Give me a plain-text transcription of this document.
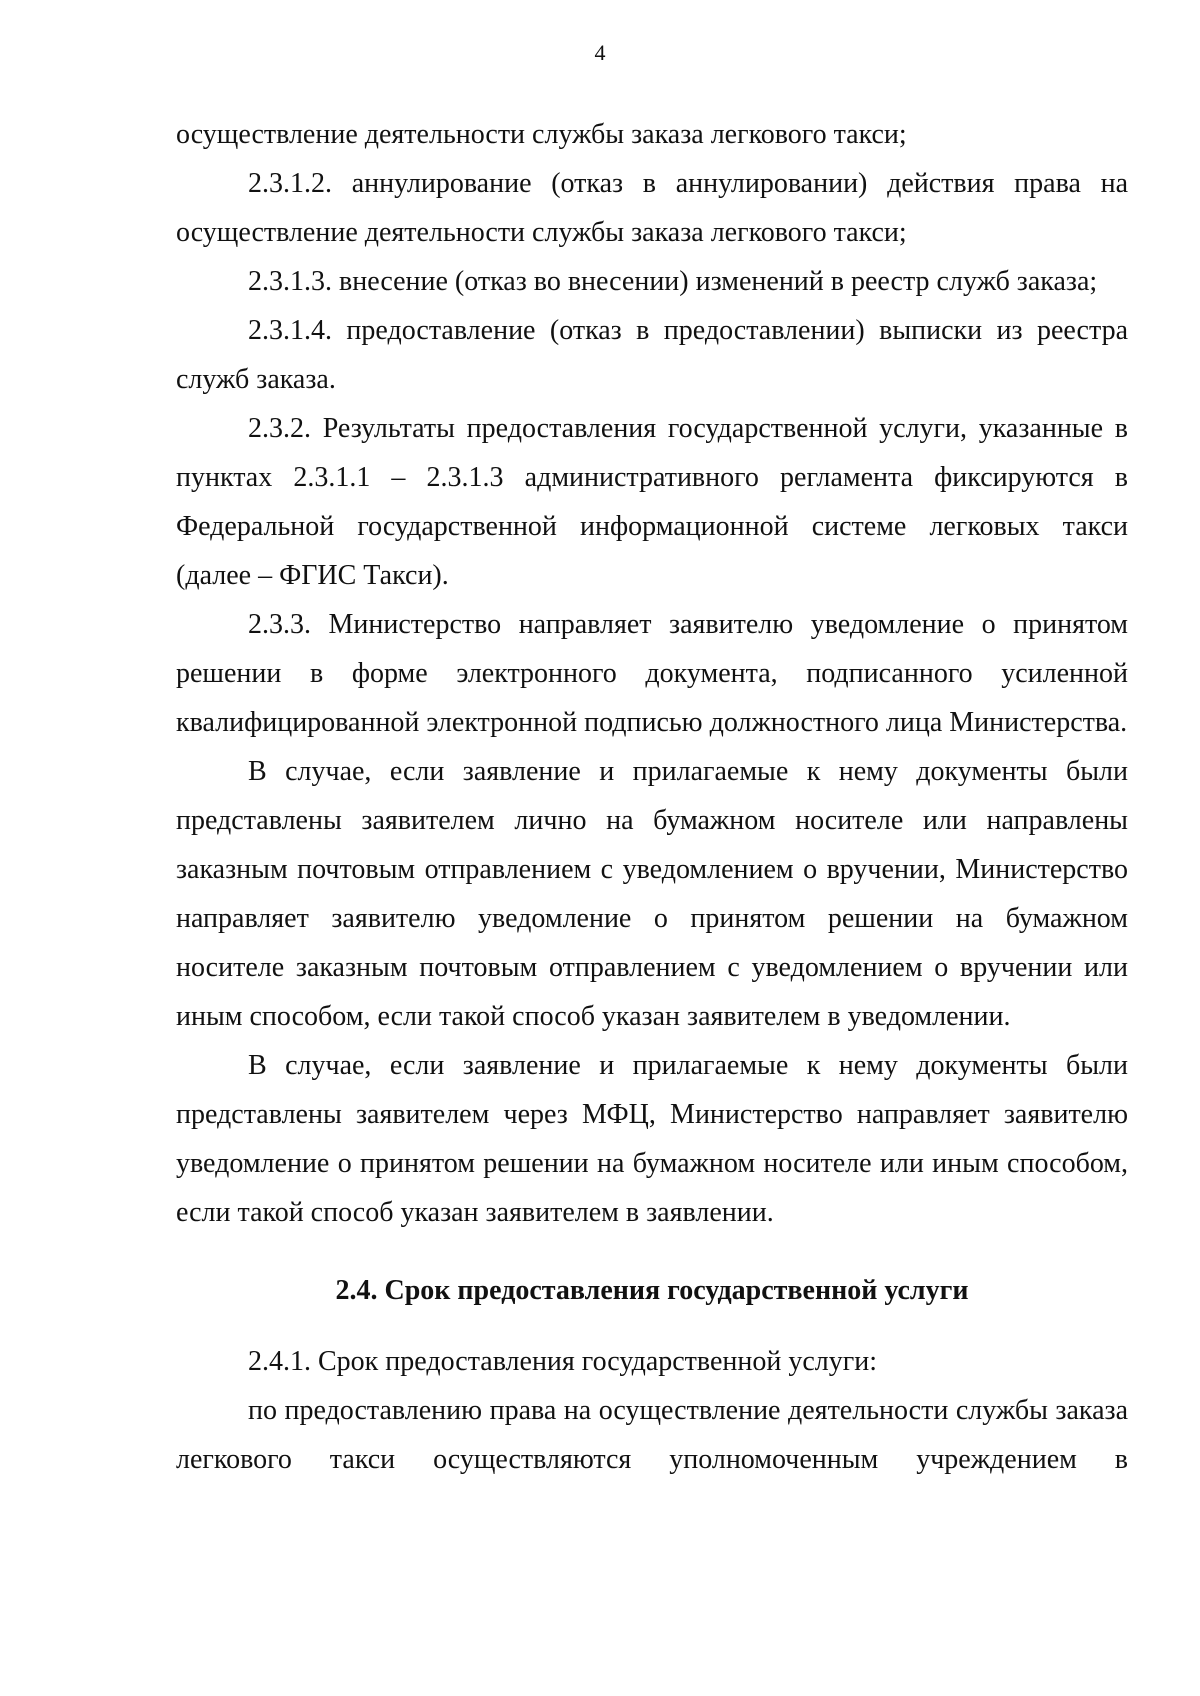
4

осуществление деятельности службы заказа легкового такси;

2.3.1.2. аннулирование (отказ в аннулировании) действия права на осуществление деятельности службы заказа легкового такси;

2.3.1.3. внесение (отказ во внесении) изменений в реестр служб заказа;

2.3.1.4. предоставление (отказ в предоставлении) выписки из реестра служб заказа.

2.3.2. Результаты предоставления государственной услуги, указанные в пунктах 2.3.1.1 – 2.3.1.3 административного регламента фиксируются в Федеральной государственной информационной системе легковых такси (далее – ФГИС Такси).

2.3.3. Министерство направляет заявителю уведомление о принятом решении в форме электронного документа, подписанного усиленной квалифицированной электронной подписью должностного лица Министерства.

В случае, если заявление и прилагаемые к нему документы были представлены заявителем лично на бумажном носителе или направлены заказным почтовым отправлением с уведомлением о вручении, Министерство направляет заявителю уведомление о принятом решении на бумажном носителе заказным почтовым отправлением с уведомлением о вручении или иным способом, если такой способ указан заявителем в уведомлении.

В случае, если заявление и прилагаемые к нему документы были представлены заявителем через МФЦ, Министерство направляет заявителю уведомление о принятом решении на бумажном носителе или иным способом, если такой способ указан заявителем в заявлении.

2.4. Срок предоставления государственной услуги

2.4.1. Срок предоставления государственной услуги:

по предоставлению права на осуществление деятельности службы заказа легкового такси осуществляются уполномоченным учреждением в
